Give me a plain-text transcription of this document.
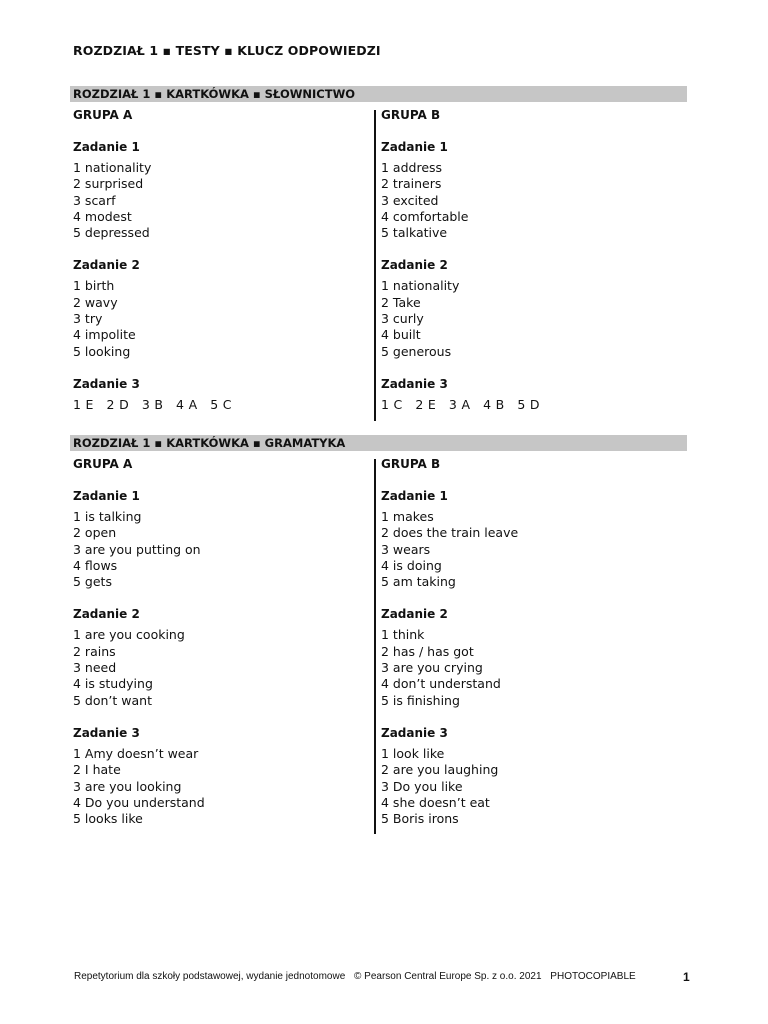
ROZDZIAŁ 1 ▪ TESTY ▪ KLUCZ ODPOWIEDZI
ROZDZIAŁ 1 ▪ KARTKÓWKA ▪ SŁOWNICTWO
GRUPA A
Zadanie 1
1 nationality
2 surprised
3 scarf
4 modest
5 depressed
Zadanie 2
1 birth
2 wavy
3 try
4 impolite
5 looking
Zadanie 3
1 E   2 D   3 B   4 A   5 C
GRUPA B
Zadanie 1
1 address
2 trainers
3 excited
4 comfortable
5 talkative
Zadanie 2
1 nationality
2 Take
3 curly
4 built
5 generous
Zadanie 3
1 C   2 E   3 A   4 B   5 D
ROZDZIAŁ 1 ▪ KARTKÓWKA ▪ GRAMATYKA
GRUPA A
Zadanie 1
1 is talking
2 open
3 are you putting on
4 flows
5 gets
Zadanie 2
1 are you cooking
2 rains
3 need
4 is studying
5 don’t want
Zadanie 3
1 Amy doesn’t wear
2 I hate
3 are you looking
4 Do you understand
5 looks like
GRUPA B
Zadanie 1
1 makes
2 does the train leave
3 wears
4 is doing
5 am taking
Zadanie 2
1 think
2 has / has got
3 are you crying
4 don’t understand
5 is finishing
Zadanie 3
1 look like
2 are you laughing
3 Do you like
4 she doesn’t eat
5 Boris irons
Repetytorium dla szkoły podstawowej, wydanie jednotomowe © Pearson Central Europe Sp. z o.o. 2021 PHOTOCOPIABLE	1
